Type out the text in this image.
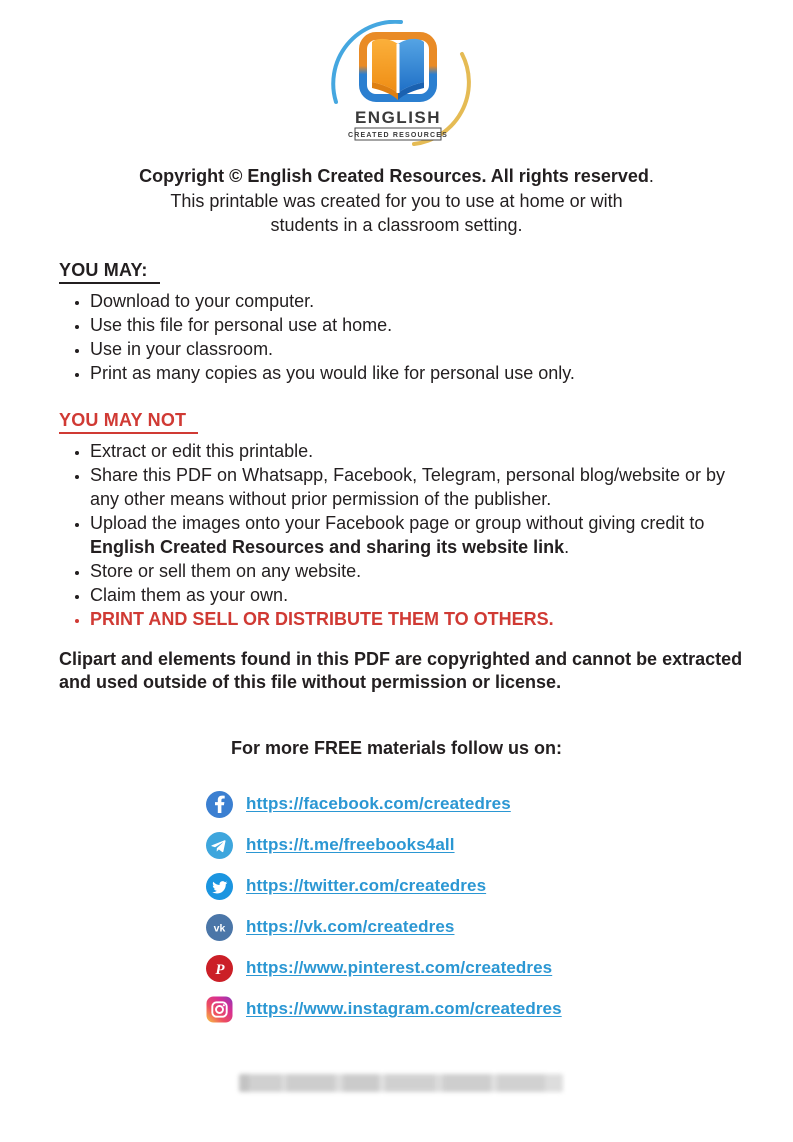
ENGLISH
CREATED RESOURCES
Copyright © English Created Resources. All rights reserved.
This printable was created for you to use at home or with
students in a classroom setting.
YOU MAY:
• Download to your computer.
• Use this file for personal use at home.
• Use in your classroom.
• Print as many copies as you would like for personal use only.
YOU MAY NOT
• Extract or edit this printable.
• Share this PDF on Whatsapp, Facebook, Telegram, personal blog/website or by any other means without prior permission of the publisher.
• Upload the images onto your Facebook page or group without giving credit to English Created Resources and sharing its website link.
• Store or sell them on any website.
• Claim them as your own.
• PRINT AND SELL OR DISTRIBUTE THEM TO OTHERS.

Clipart and elements found in this PDF are copyrighted and cannot be extracted and used outside of this file without permission or license.

For more FREE materials follow us on:

https://facebook.com/createdres
https://t.me/freebooks4all
https://twitter.com/createdres
vk https://vk.com/createdres
P https://www.pinterest.com/createdres
https://www.instagram.com/createdres
